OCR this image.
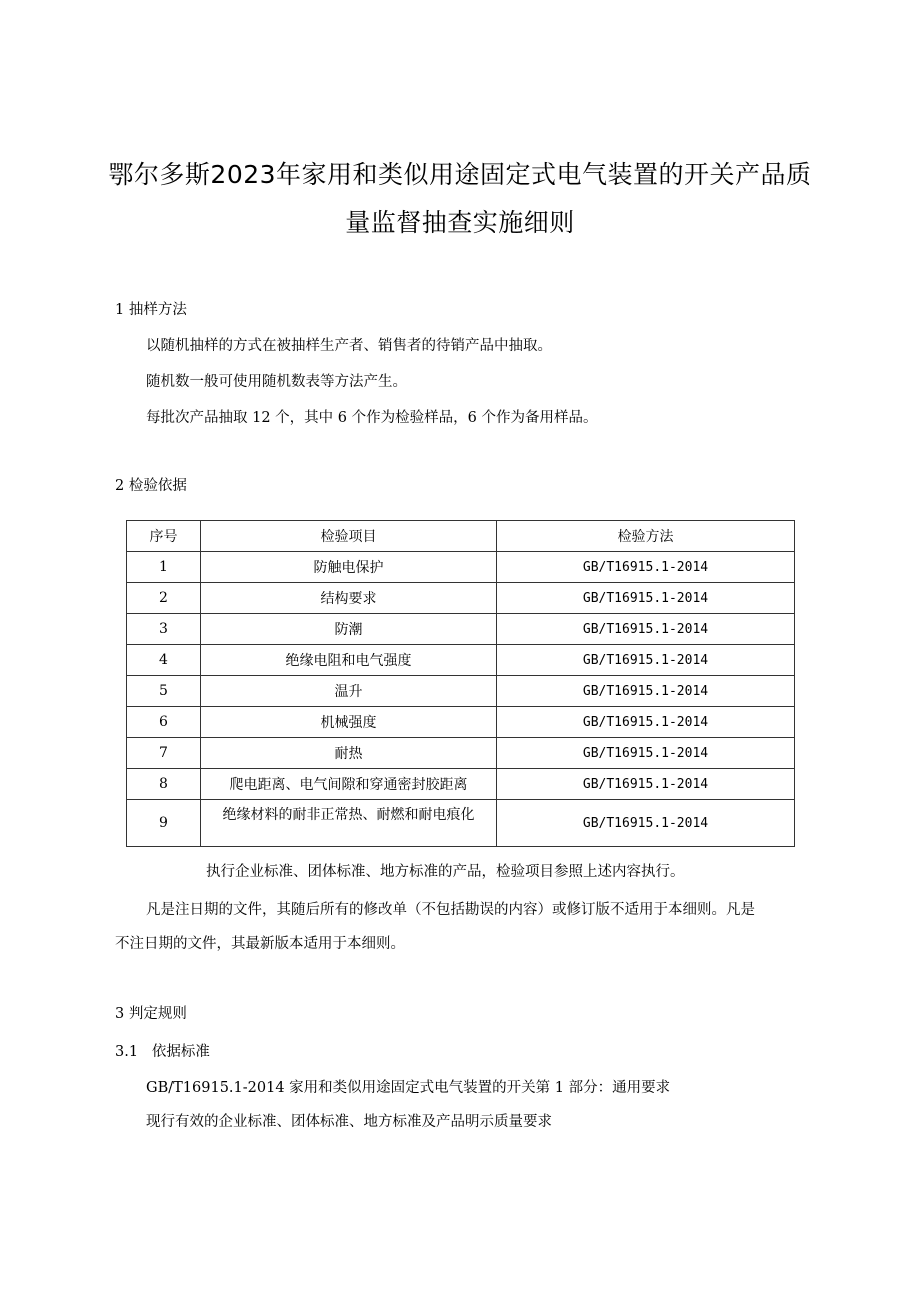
鄂尔多斯2023年家用和类似用途固定式电气装置的开关产品质
量监督抽查实施细则
1 抽样方法
以随机抽样的方式在被抽样生产者、销售者的待销产品中抽取。
随机数一般可使用随机数表等方法产生。
每批次产品抽取 12 个，其中 6 个作为检验样品，6 个作为备用样品。
2 检验依据
序号	检验项目	检验方法
1	防触电保护	GB/T16915.1-2014
2	结构要求	GB/T16915.1-2014
3	防潮	GB/T16915.1-2014
4	绝缘电阻和电气强度	GB/T16915.1-2014
5	温升	GB/T16915.1-2014
6	机械强度	GB/T16915.1-2014
7	耐热	GB/T16915.1-2014
8	爬电距离、电气间隙和穿通密封胶距离	GB/T16915.1-2014
9	绝缘材料的耐非正常热、耐燃和耐电痕化	GB/T16915.1-2014
执行企业标准、团体标准、地方标准的产品，检验项目参照上述内容执行。
凡是注日期的文件，其随后所有的修改单（不包括勘误的内容）或修订版不适用于本细则。凡是
不注日期的文件，其最新版本适用于本细则。
3 判定规则
3.1   依据标准
GB/T16915.1-2014 家用和类似用途固定式电气装置的开关第 1 部分：通用要求
现行有效的企业标准、团体标准、地方标准及产品明示质量要求
